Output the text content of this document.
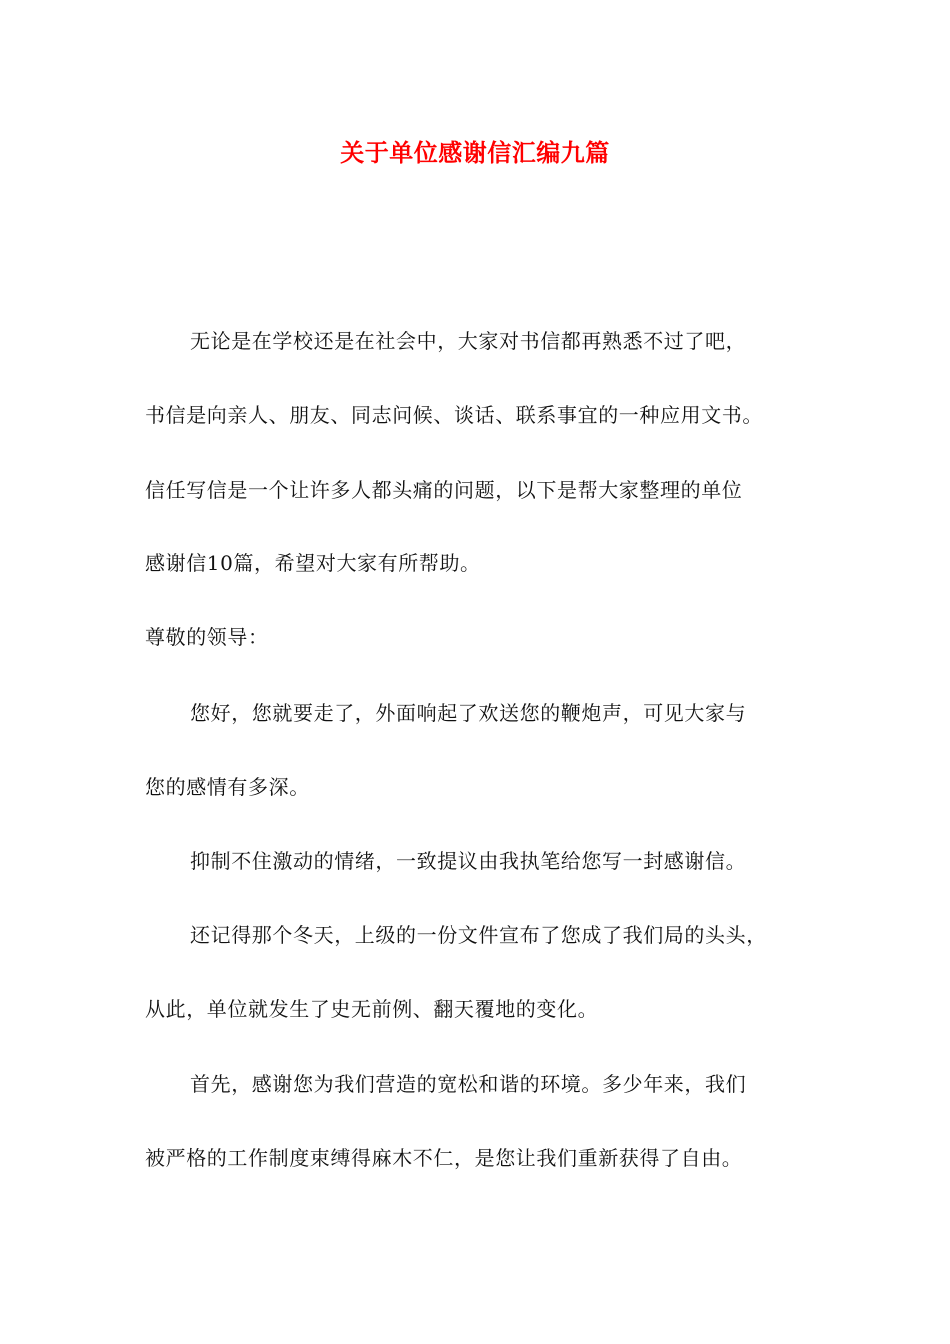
关于单位感谢信汇编九篇
无论是在学校还是在社会中，大家对书信都再熟悉不过了吧，
书信是向亲人、朋友、同志问候、谈话、联系事宜的一种应用文书。
信任写信是一个让许多人都头痛的问题，以下是帮大家整理的单位
感谢信10篇，希望对大家有所帮助。
尊敬的领导：
您好，您就要走了，外面响起了欢送您的鞭炮声，可见大家与
您的感情有多深。
抑制不住激动的情绪，一致提议由我执笔给您写一封感谢信。
还记得那个冬天，上级的一份文件宣布了您成了我们局的头头，
从此，单位就发生了史无前例、翻天覆地的变化。
首先，感谢您为我们营造的宽松和谐的环境。多少年来，我们
被严格的工作制度束缚得麻木不仁，是您让我们重新获得了自由。
